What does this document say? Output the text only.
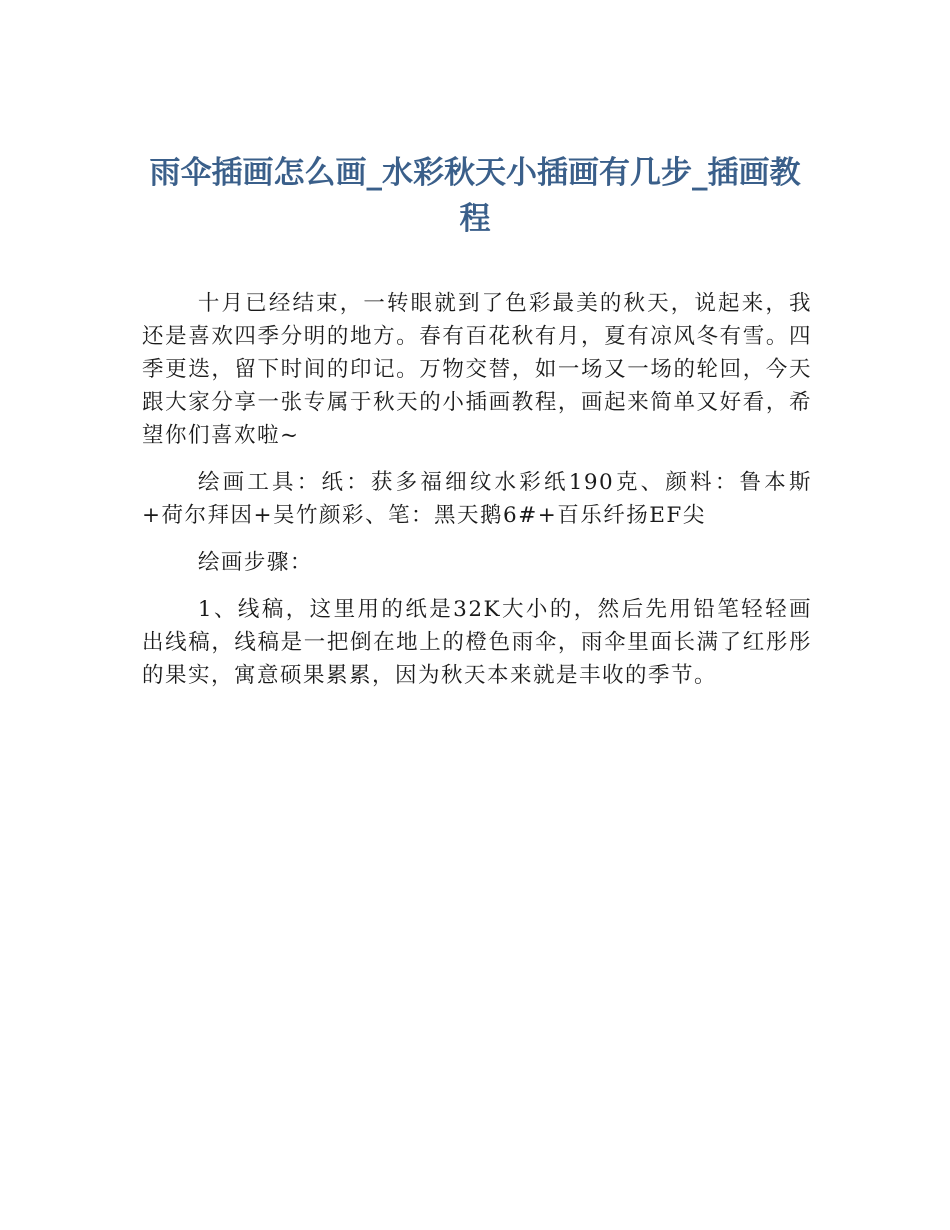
雨伞插画怎么画_水彩秋天小插画有几步_插画教程

十月已经结束，一转眼就到了色彩最美的秋天，说起来，我还是喜欢四季分明的地方。春有百花秋有月，夏有凉风冬有雪。四季更迭，留下时间的印记。万物交替，如一场又一场的轮回，今天跟大家分享一张专属于秋天的小插画教程，画起来简单又好看，希望你们喜欢啦~

绘画工具：纸：获多福细纹水彩纸190克、颜料：鲁本斯+荷尔拜因+吴竹颜彩、笔：黑天鹅6#+百乐纤扬EF尖

绘画步骤：

1、线稿，这里用的纸是32K大小的，然后先用铅笔轻轻画出线稿，线稿是一把倒在地上的橙色雨伞，雨伞里面长满了红彤彤的果实，寓意硕果累累，因为秋天本来就是丰收的季节。
